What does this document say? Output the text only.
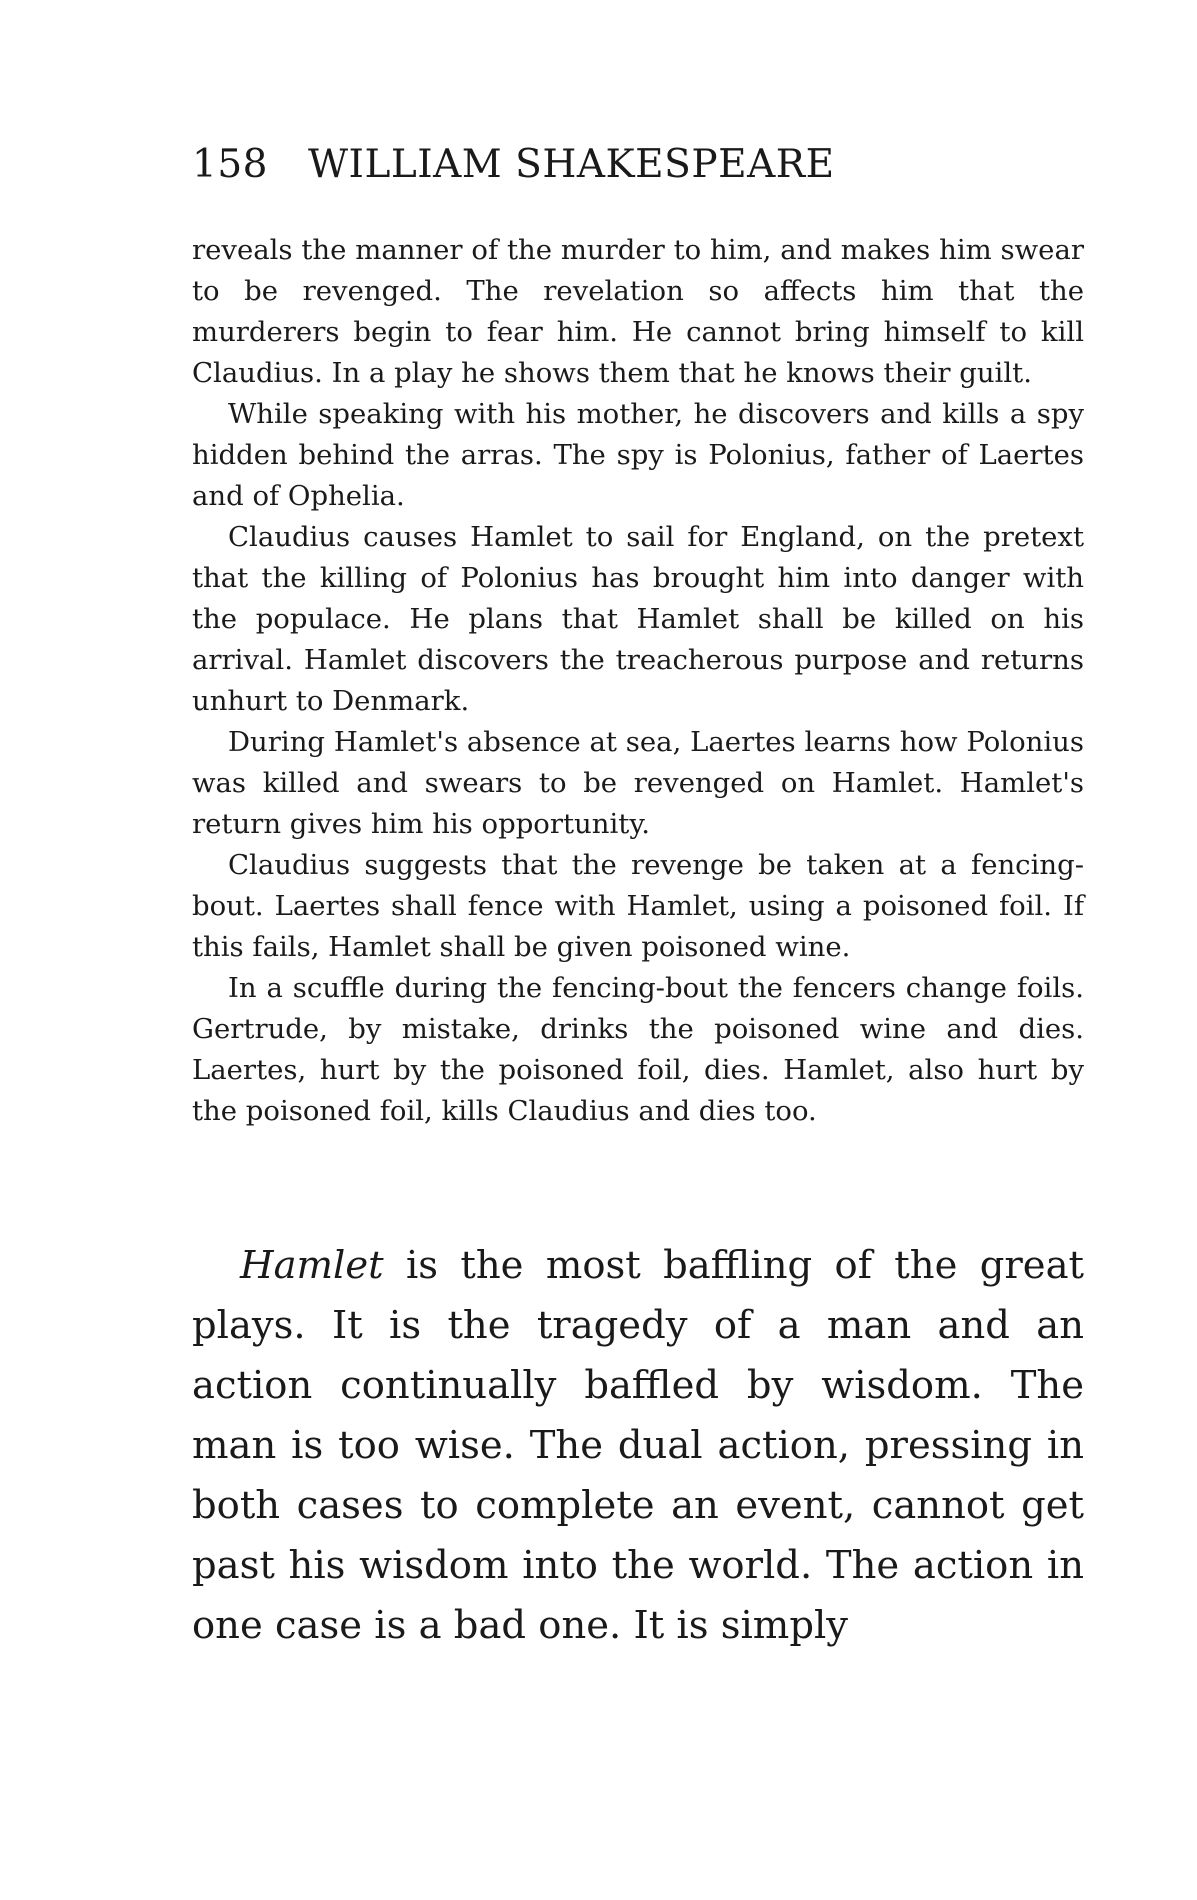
158 WILLIAM SHAKESPEARE

reveals the manner of the murder to him, and makes him swear to be revenged. The revelation so affects him that the murderers begin to fear him. He cannot bring himself to kill Claudius. In a play he shows them that he knows their guilt.

While speaking with his mother, he discovers and kills a spy hidden behind the arras. The spy is Polonius, father of Laertes and of Ophelia.

Claudius causes Hamlet to sail for England, on the pretext that the killing of Polonius has brought him into danger with the populace. He plans that Hamlet shall be killed on his arrival. Hamlet discovers the treacherous purpose and returns unhurt to Denmark.

During Hamlet's absence at sea, Laertes learns how Polonius was killed and swears to be revenged on Hamlet. Hamlet's return gives him his opportunity.

Claudius suggests that the revenge be taken at a fencing-bout. Laertes shall fence with Hamlet, using a poisoned foil. If this fails, Hamlet shall be given poisoned wine.

In a scuffle during the fencing-bout the fencers change foils. Gertrude, by mistake, drinks the poisoned wine and dies. Laertes, hurt by the poisoned foil, dies. Hamlet, also hurt by the poisoned foil, kills Claudius and dies too.

Hamlet is the most baffling of the great plays. It is the tragedy of a man and an action continually baffled by wisdom. The man is too wise. The dual action, pressing in both cases to complete an event, cannot get past his wisdom into the world. The action in one case is a bad one. It is simply
